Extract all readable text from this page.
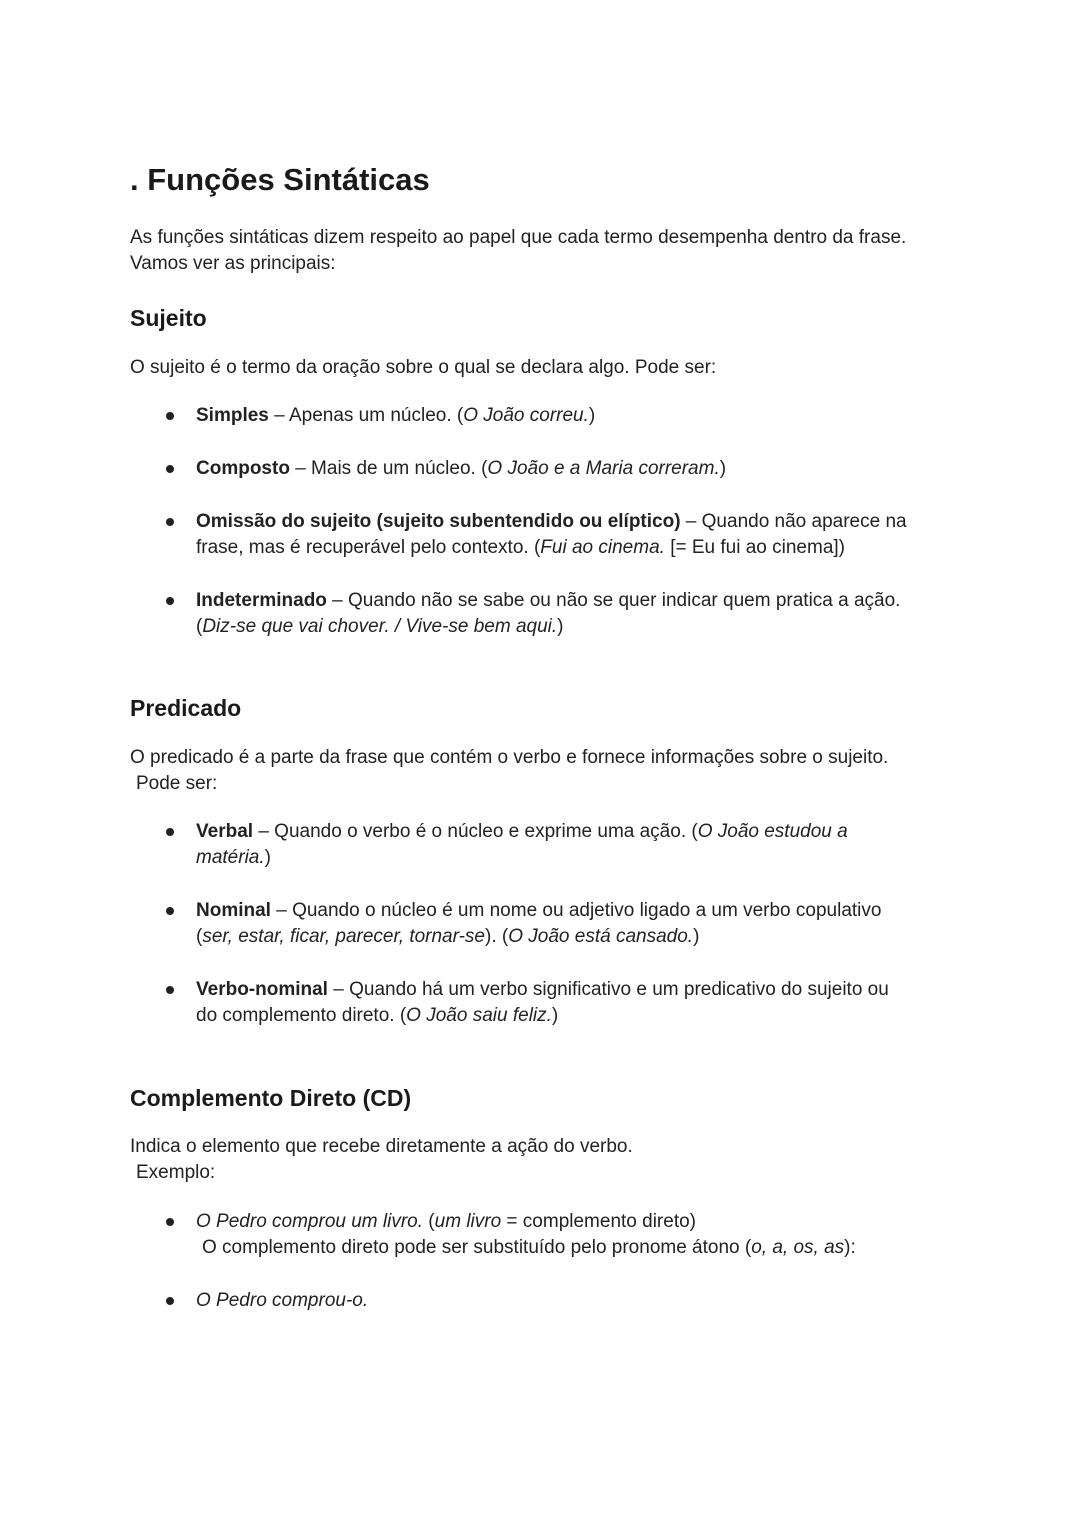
. Funções Sintáticas

As funções sintáticas dizem respeito ao papel que cada termo desempenha dentro da frase.
Vamos ver as principais:

Sujeito

O sujeito é o termo da oração sobre o qual se declara algo. Pode ser:

Simples – Apenas um núcleo. (O João correu.)
Composto – Mais de um núcleo. (O João e a Maria correram.)
Omissão do sujeito (sujeito subentendido ou elíptico) – Quando não aparece na
frase, mas é recuperável pelo contexto. (Fui ao cinema. [= Eu fui ao cinema])
Indeterminado – Quando não se sabe ou não se quer indicar quem pratica a ação.
(Diz-se que vai chover. / Vive-se bem aqui.)
Predicado

O predicado é a parte da frase que contém o verbo e fornece informações sobre o sujeito.
Pode ser:

Verbal – Quando o verbo é o núcleo e exprime uma ação. (O João estudou a
matéria.)
Nominal – Quando o núcleo é um nome ou adjetivo ligado a um verbo copulativo
(ser, estar, ficar, parecer, tornar-se). (O João está cansado.)
Verbo-nominal – Quando há um verbo significativo e um predicativo do sujeito ou
do complemento direto. (O João saiu feliz.)
Complemento Direto (CD)

Indica o elemento que recebe diretamente a ação do verbo.
Exemplo:

O Pedro comprou um livro. (um livro = complemento direto)
O complemento direto pode ser substituído pelo pronome átono (o, a, os, as):
O Pedro comprou-o.
